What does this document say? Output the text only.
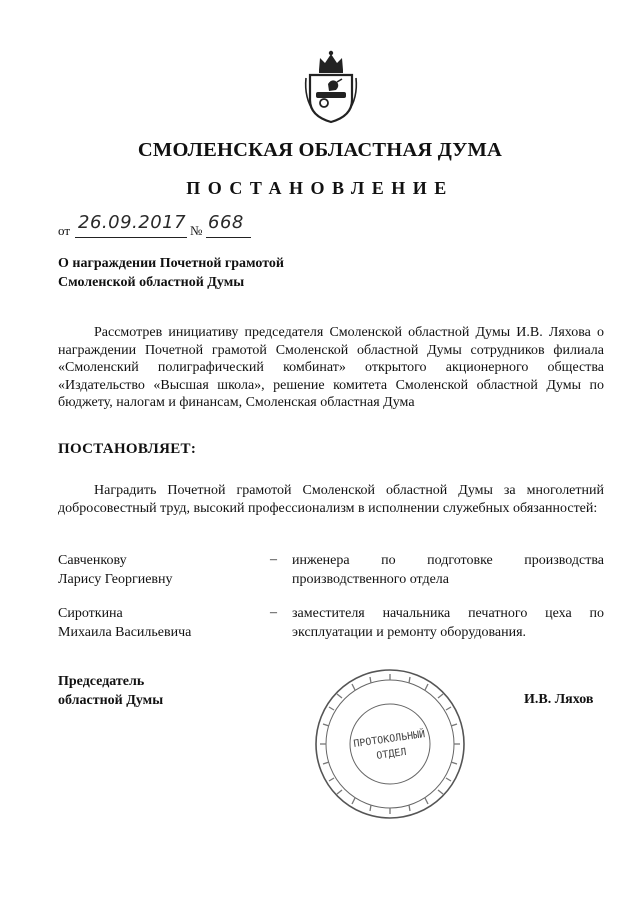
СМОЛЕНСКАЯ ОБЛАСТНАЯ ДУМА
ПОСТАНОВЛЕНИЕ
от 26.09.2017 № 668
О награждении Почетной грамотой
Смоленской областной Думы
Рассмотрев инициативу председателя Смоленской областной Думы И.В. Ляхова о награждении Почетной грамотой Смоленской областной Думы сотрудников филиала «Смоленский полиграфический комбинат» открытого акционерного общества «Издательство «Высшая школа», решение комитета Смоленской областной Думы по бюджету, налогам и финансам, Смоленская областная Дума
ПОСТАНОВЛЯЕТ:
Наградить Почетной грамотой Смоленской областной Думы за многолетний добросовестный труд, высокий профессионализм в исполнении служебных обязанностей:
Савченкову
Ларису Георгиевну
– инженера по подготовке производства производственного отдела
Сироткина
Михаила Васильевича
– заместителя начальника печатного цеха по эксплуатации и ремонту оборудования.
Председатель
областной Думы
ПРОТОКОЛЬНЫЙ
ОТДЕЛ
И.В. Ляхов
